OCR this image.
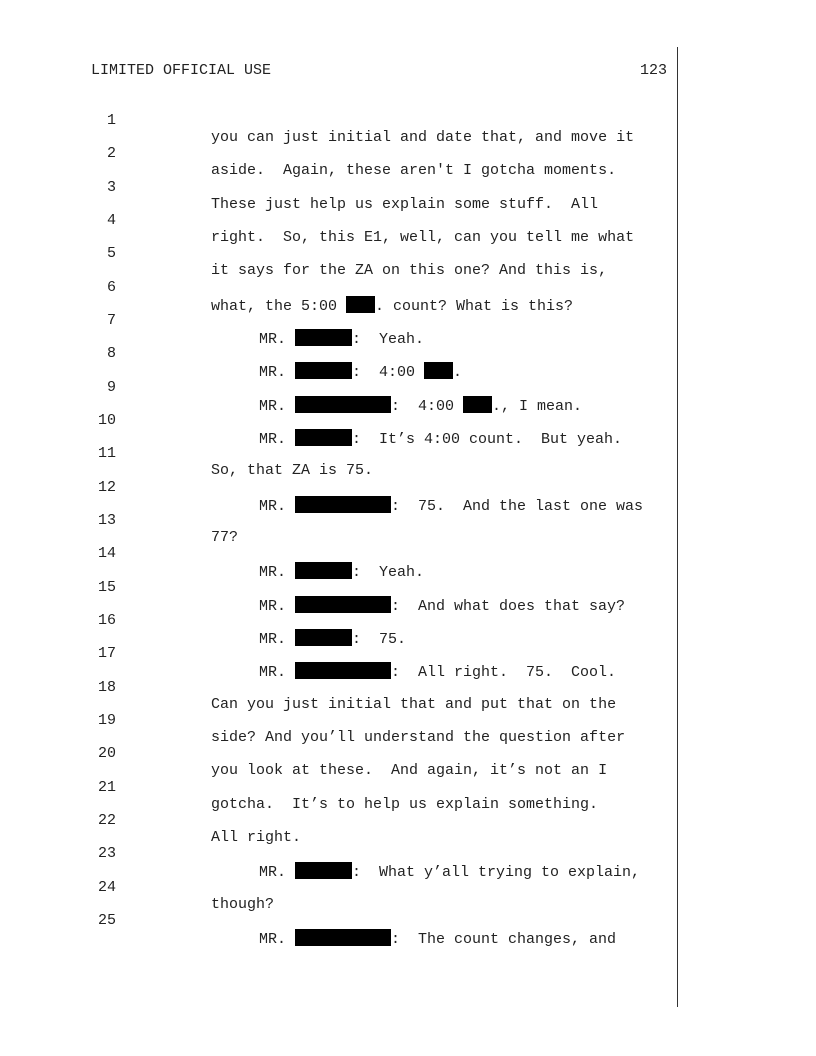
LIMITED OFFICIAL USE	123

1

you can just initial and date that, and move it

2

aside.  Again, these aren't I gotcha moments.

3

These just help us explain some stuff.  All

4

right.  So, this E1, well, can you tell me what

5

it says for the ZA on this one? And this is,

6

what, the 5:00 . count? What is this?

7

MR.	:  Yeah.

8

MR.	:  4:00 .

9

MR.	:  4:00 ., I mean.

10

MR.	:  It’s 4:00 count.  But yeah.

11

So, that ZA is 75.

12

MR.	:  75.  And the last one was

13

77?

14

MR.	:  Yeah.

15

MR.	:  And what does that say?

16

MR.	:  75.

17

MR.	:  All right.  75.  Cool.

18

Can you just initial that and put that on the

19

side? And you’ll understand the question after

20

you look at these.  And again, it’s not an I

21

gotcha.  It’s to help us explain something.

22

All right.

23

MR.	:  What y’all trying to explain,

24

though?

25

MR.	:  The count changes, and
